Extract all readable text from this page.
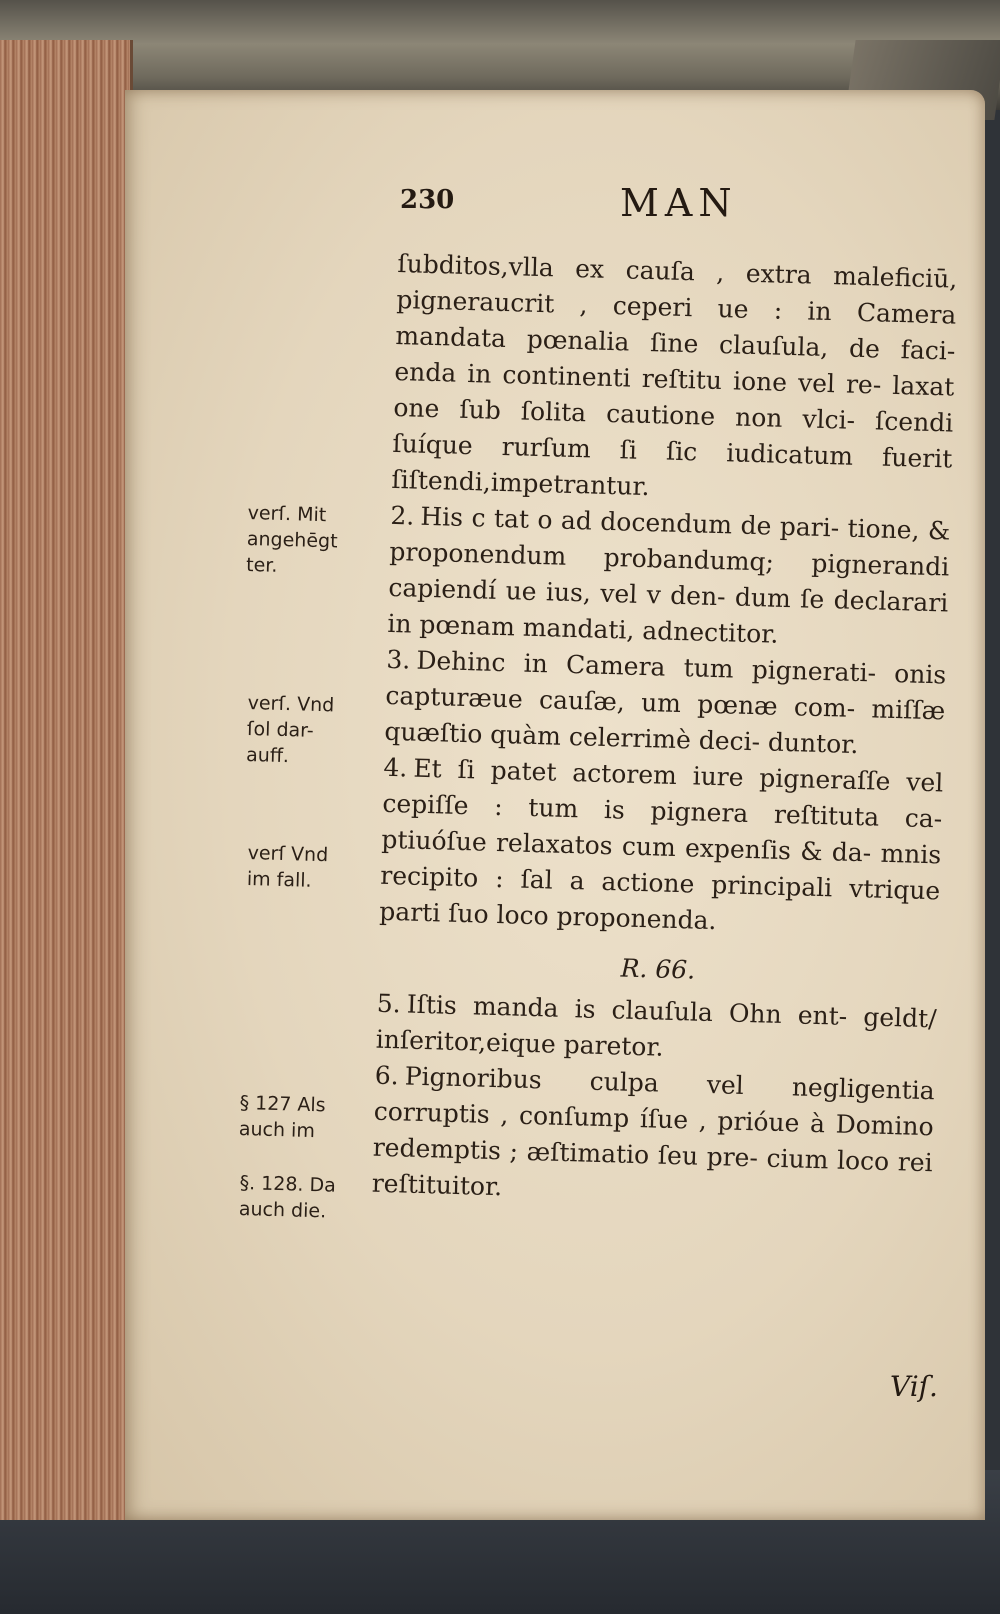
230	MAN

ſubditos,vlla ex cauſa , extra maleficiū, pigneraucrit , ceperi ue : in Camera mandata pœnalia ſine clauſula, de faci- enda in continenti reſtitu ione vel re- laxat one ſub ſolita cautione non vlci- ſcendi ſuíque rurſum ſi ſic iudicatum fuerit ſiſtendi,impetrantur.

2. His c tat o ad docendum de pari- tione, & proponendum probandumq; pignerandi capiendí ue ius, vel v den- dum ſe declarari in pœnam mandati, adnectitor.

3. Dehinc in Camera tum pignerati- onis capturæue cauſæ, um pœnæ com- miſſæ quæſtio quàm celerrimè deci- duntor.

4. Et ſi patet actorem iure pigneraſſe vel cepiſſe : tum is pignera reſtituta ca- ptiuóſue relaxatos cum expenſis & da- mnis recipito : ſal a actione principali vtrique parti ſuo loco proponenda.

R. 66.

5. Iſtis manda is clauſula Ohn ent- geldt/ inſeritor,eique paretor.

6. Pignoribus culpa vel negligentia corruptis , conſump íſue , prióue à Domino redemptis ; æſtimatio ſeu pre- cium loco rei reſtituitor.

verſ. Mit
angehēgt
ter.
verſ. Vnd
ſol dar-
auff.
verſ Vnd
im fall.
§ 127 Als
auch im
§. 128. Da
auch die.
Viſ.
